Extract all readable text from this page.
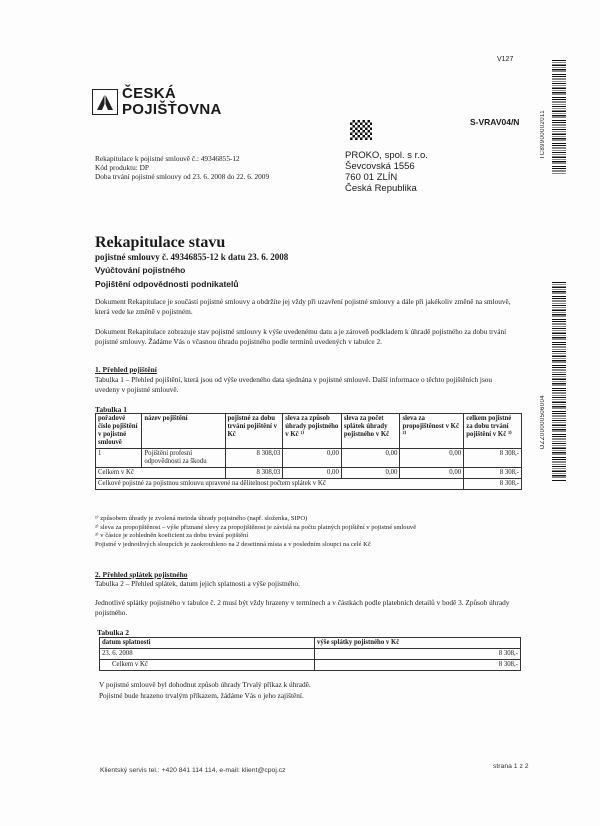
V127
ČESKÁ
POJIŠŤOVNA
S-VRAV04/N	TC89900002011
OZZ00000506004
Rekapitulace k pojistné smlouvě č.: 49346855-12
Kód produktu: DP
Doba trvání pojistné smlouvy od 23. 6. 2008 do 22. 6. 2009
PROKO, spol. s r.o.
Ševcovská 1556
760 01 ZLÍN
Česká Republika
Rekapitulace stavu
pojistné smlouvy č. 49346855-12 k datu 23. 6. 2008
Vyúčtování pojistného
Pojištění odpovědnosti podnikatelů
Dokument Rekapitulace je součástí pojistné smlouvy a obdržíte jej vždy při uzavření pojistné smlouvy a dále při jakékoliv změně na smlouvě, která vede ke změně v pojistném.
Dokument Rekapitulace zobrazuje stav pojistné smlouvy k výše uvedenému datu a je zároveň podkladem k úhradě pojistného za dobu trvání pojistné smlouvy. Žádáme Vás o včasnou úhradu pojistného podle termínů uvedených v tabulce 2.
1. Přehled pojištění
Tabulka 1 – Přehled pojištění, která jsou od výše uvedeného data sjednána v pojistné smlouvě. Další informace o těchto pojištěních jsou uvedeny v pojistné smlouvě.
Tabulka 1
pořadové číslo pojištění v pojistné smlouvě	název pojištění	pojistné za dobu trvání pojištění v Kč	sleva za způsob úhrady pojistného v Kč ¹⁾	sleva za počet splátek úhrady pojistného v Kč	sleva za propojištěnost v Kč ²⁾	celkem pojistné za dobu trvání pojištění v Kč ³⁾
1	Pojištění profesní odpovědnosti za škodu	8 308,03	0,00	0,00	0,00	8 308,-
Celkem v Kč		8 308,03	0,00	0,00	0,00	8 308,-
Celkové pojistné za pojistnou smlouvu upravené na dělitelnost počtem splátek v Kč						8 308,-
¹⁾ způsobem úhrady je zvolená metoda úhrady pojistného (např. složenka, SIPO)
²⁾ sleva za propojištěnost – výše přiznané slevy za propojištěnost je závislá na počtu platných pojištění v pojistné smlouvě
³⁾ v částce je zohledněn koeficient za dobu trvání pojištění
Pojistné v jednotlivých sloupcích je zaokrouhleno na 2 desetinná místa a v posledním sloupci na celé Kč
2. Přehled splátek pojistného
Tabulka 2 – Přehled splátek, datum jejich splatnosti a výše pojistného.
Jednotlivé splátky pojistného v tabulce č. 2 musí být vždy hrazeny v termínech a v částkách podle platebních detailů v bodě 3. Způsob úhrady pojistného.
Tabulka 2
datum splatnosti	výše splátky pojistného v Kč
23. 6. 2008	8 308,-
Celkem v Kč	8 308,-
V pojistné smlouvě byl dohodnut způsob úhrady Trvalý příkaz k úhradě.
Pojistné bude hrazeno trvalým příkazem, žádáme Vás o jeho zajištění.
Klientský servis tel.: +420 841 114 114, e-mail: klient@cpoj.cz
strana 1 z 2
